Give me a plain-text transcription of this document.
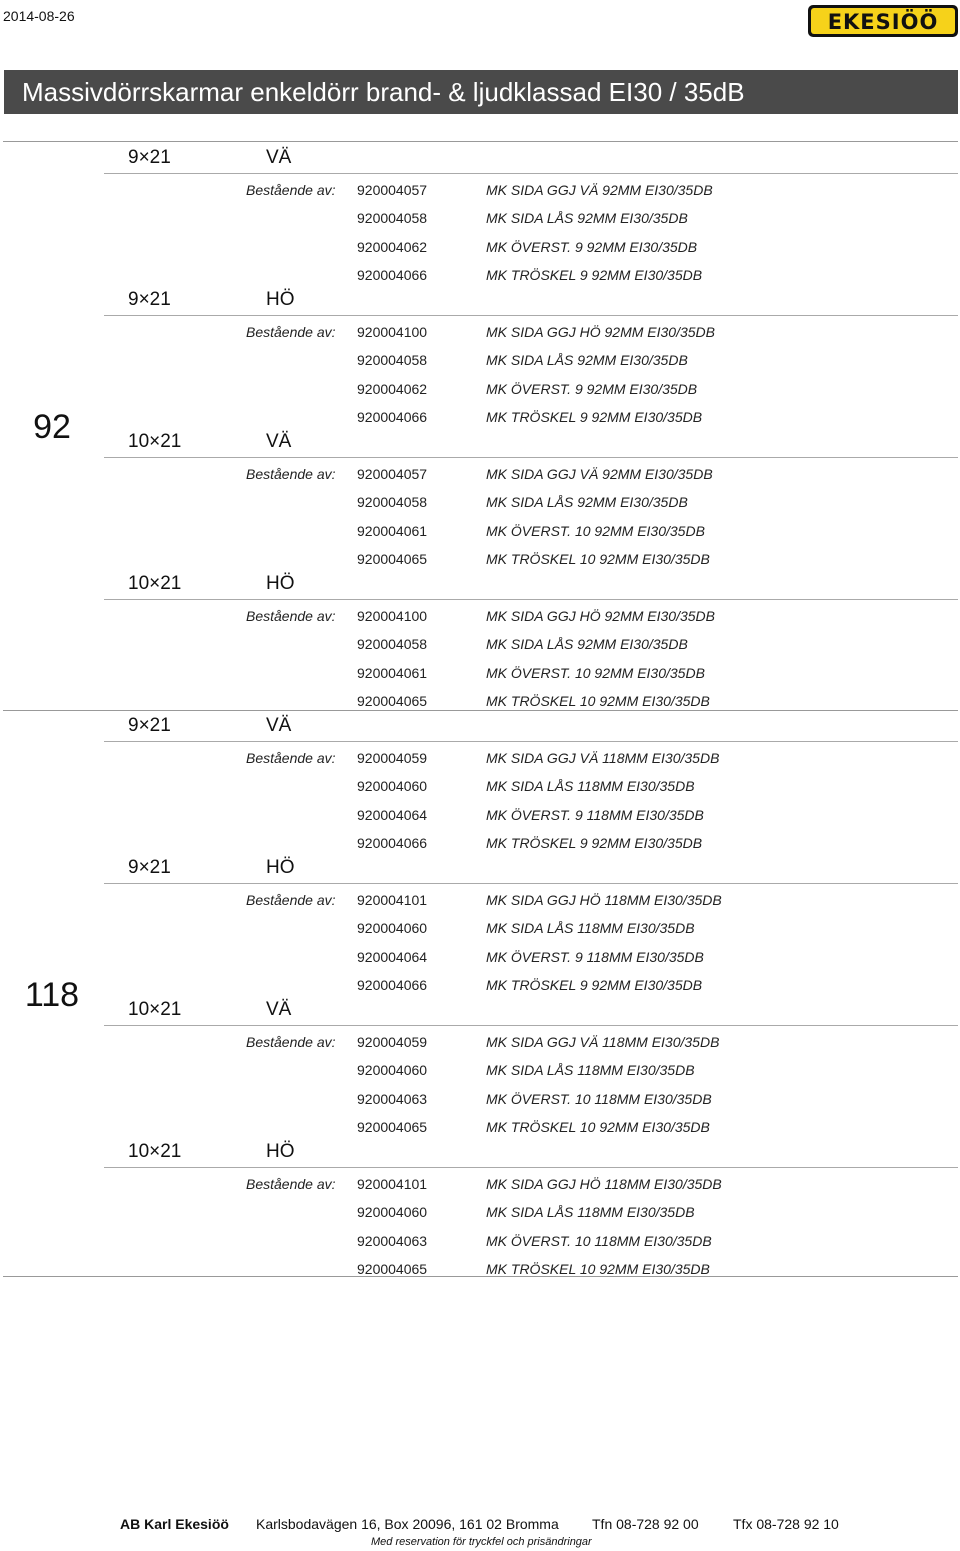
2014-08-26	EKESIÖÖ
Massivdörrskarmar enkeldörr brand- & ljudklassad EI30 / 35dB
92
9×21	VÄ
Bestående av: 920004057	MK SIDA GGJ VÄ 92MM EI30/35DB
920004058	MK SIDA LÅS 92MM EI30/35DB
920004062	MK ÖVERST. 9 92MM EI30/35DB
920004066	MK TRÖSKEL 9 92MM EI30/35DB
9×21	HÖ
Bestående av: 920004100	MK SIDA GGJ HÖ 92MM EI30/35DB
920004058	MK SIDA LÅS 92MM EI30/35DB
920004062	MK ÖVERST. 9 92MM EI30/35DB
920004066	MK TRÖSKEL 9 92MM EI30/35DB
10×21	VÄ
Bestående av: 920004057	MK SIDA GGJ VÄ 92MM EI30/35DB
920004058	MK SIDA LÅS 92MM EI30/35DB
920004061	MK ÖVERST. 10 92MM EI30/35DB
920004065	MK TRÖSKEL 10 92MM EI30/35DB
10×21	HÖ
Bestående av: 920004100	MK SIDA GGJ HÖ 92MM EI30/35DB
920004058	MK SIDA LÅS 92MM EI30/35DB
920004061	MK ÖVERST. 10 92MM EI30/35DB
920004065	MK TRÖSKEL 10 92MM EI30/35DB
118
9×21	VÄ
Bestående av: 920004059	MK SIDA GGJ VÄ 118MM EI30/35DB
920004060	MK SIDA LÅS 118MM EI30/35DB
920004064	MK ÖVERST. 9 118MM EI30/35DB
920004066	MK TRÖSKEL 9 92MM EI30/35DB
9×21	HÖ
Bestående av: 920004101	MK SIDA GGJ HÖ 118MM EI30/35DB
920004060	MK SIDA LÅS 118MM EI30/35DB
920004064	MK ÖVERST. 9 118MM EI30/35DB
920004066	MK TRÖSKEL 9 92MM EI30/35DB
10×21	VÄ
Bestående av: 920004059	MK SIDA GGJ VÄ 118MM EI30/35DB
920004060	MK SIDA LÅS 118MM EI30/35DB
920004063	MK ÖVERST. 10 118MM EI30/35DB
920004065	MK TRÖSKEL 10 92MM EI30/35DB
10×21	HÖ
Bestående av: 920004101	MK SIDA GGJ HÖ 118MM EI30/35DB
920004060	MK SIDA LÅS 118MM EI30/35DB
920004063	MK ÖVERST. 10 118MM EI30/35DB
920004065	MK TRÖSKEL 10 92MM EI30/35DB
AB Karl Ekesiöö Karlsbodavägen 16, Box 20096, 161 02 Bromma Tfn 08-728 92 00 Tfx 08-728 92 10
Med reservation för tryckfel och prisändringar
